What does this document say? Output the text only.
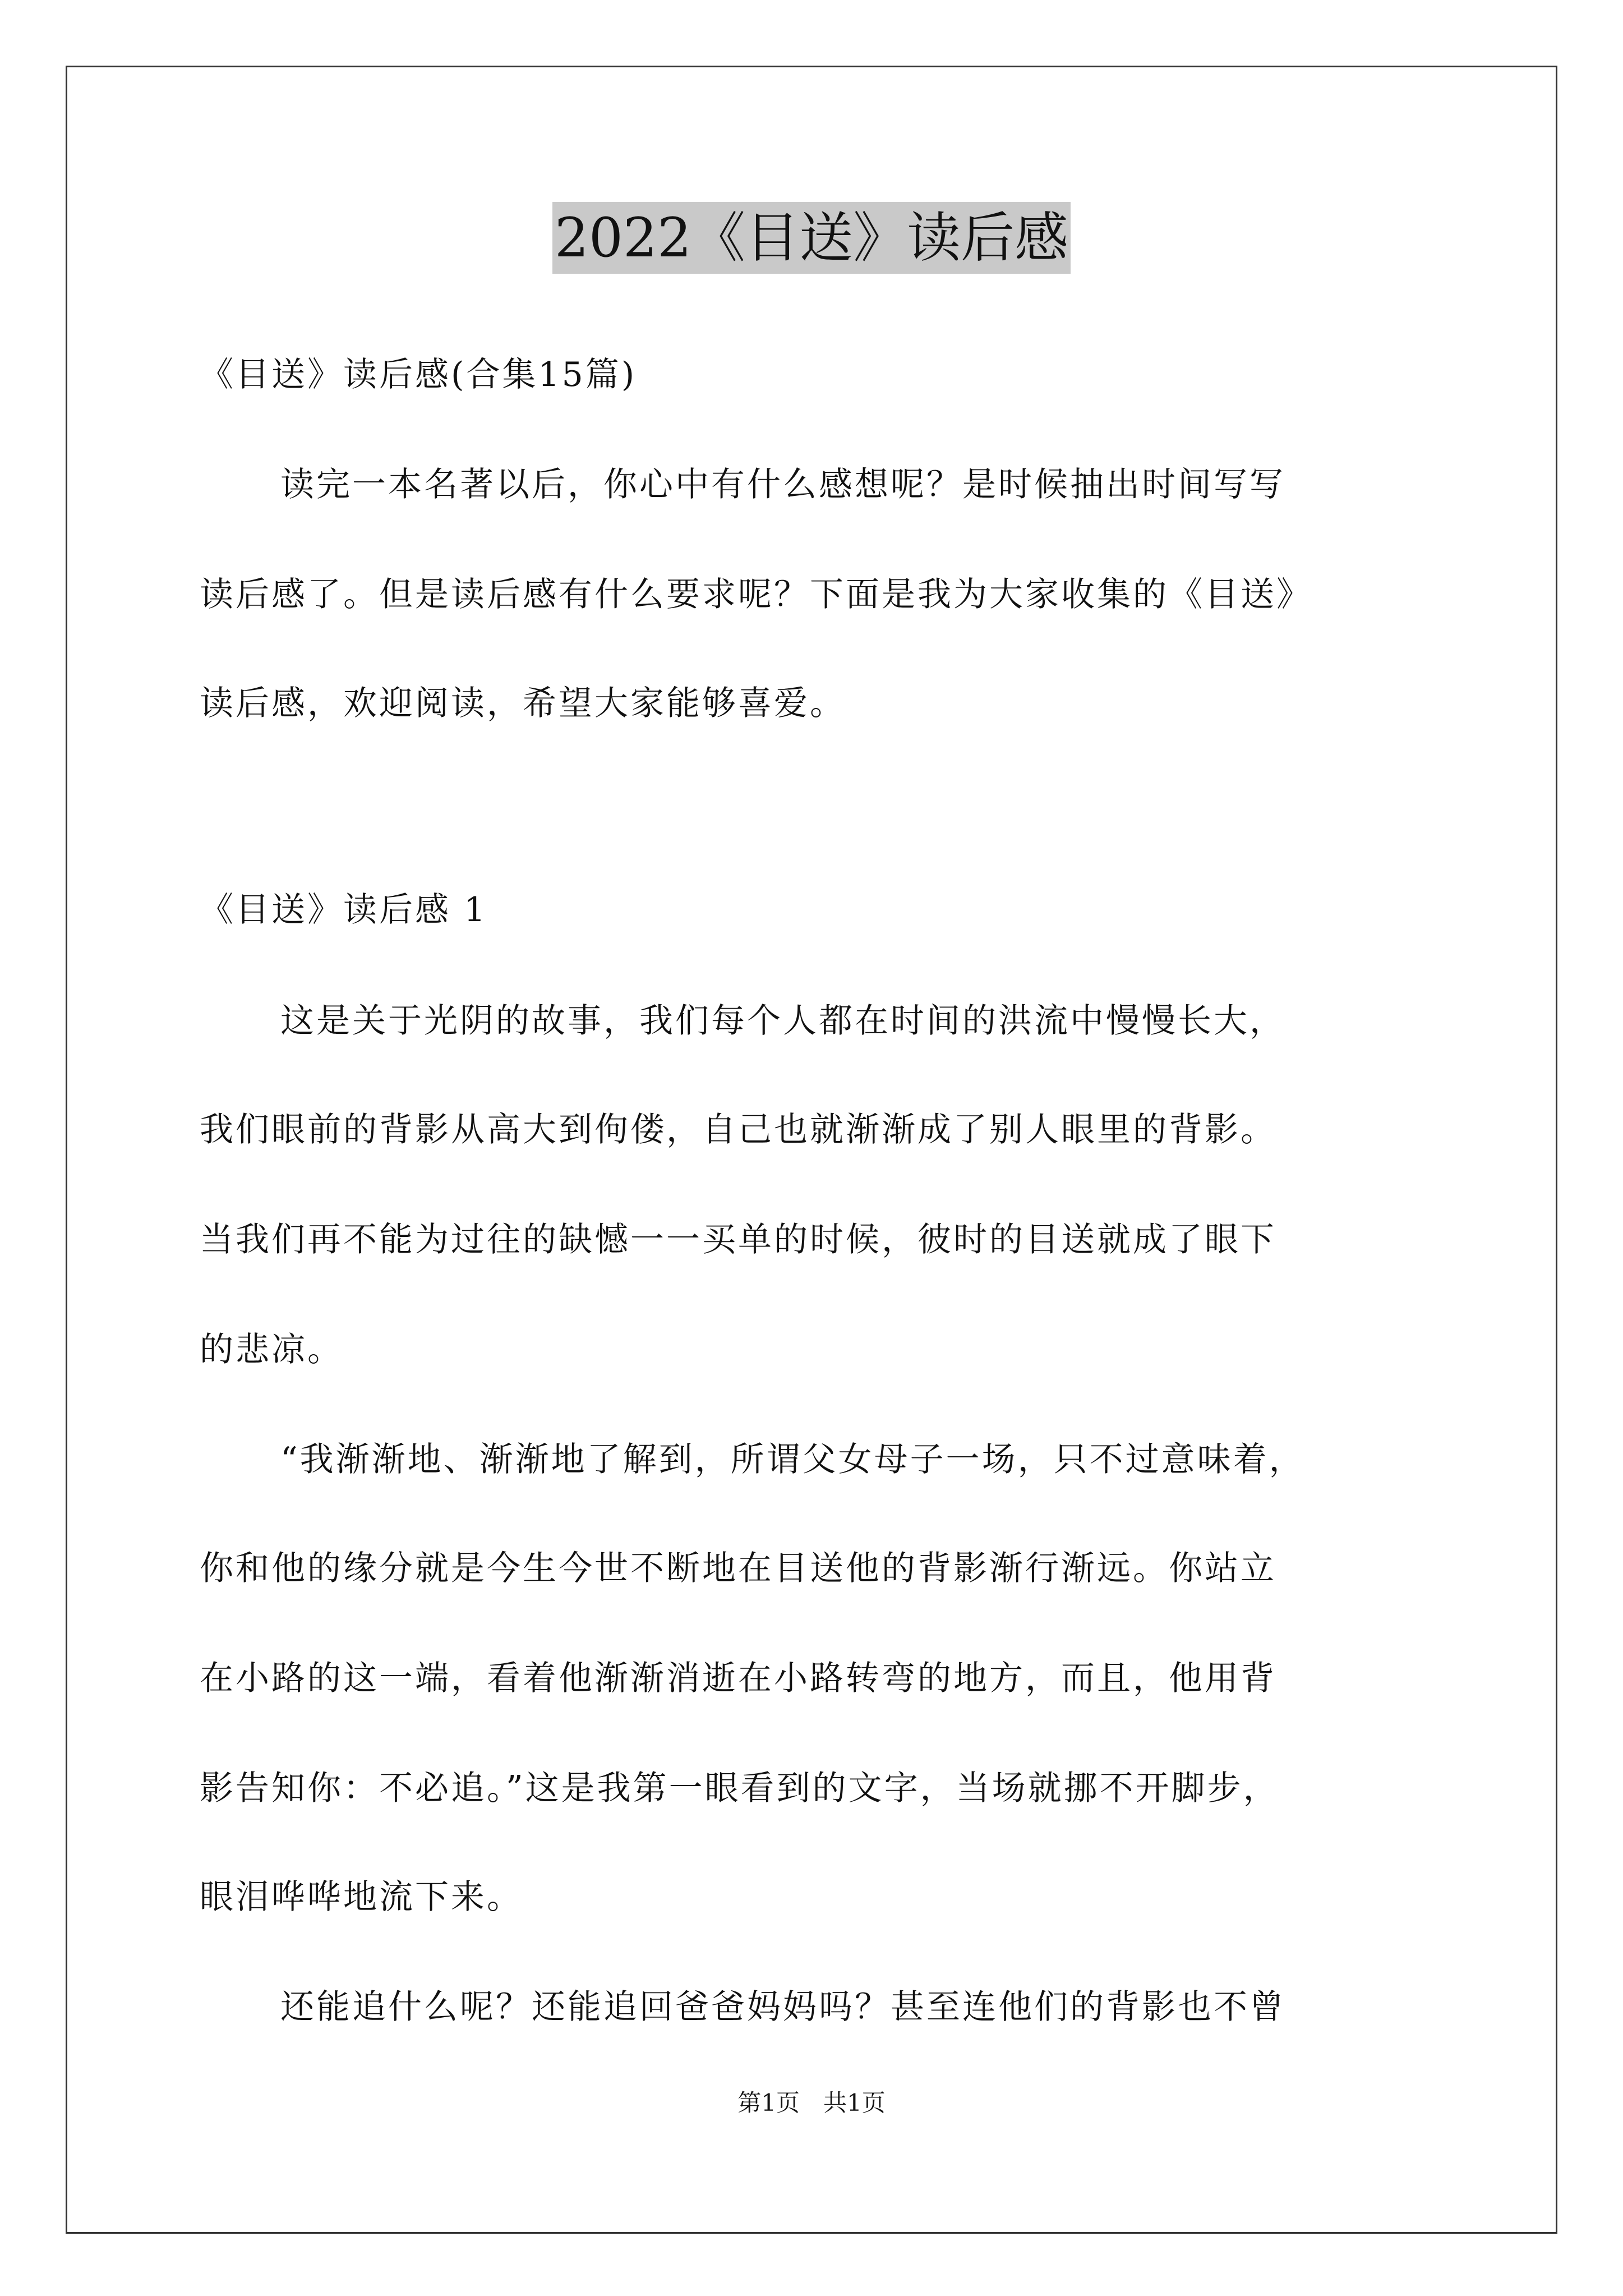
2022《目送》读后感
《目送》读后感(合集15篇)
读完一本名著以后，你心中有什么感想呢？是时候抽出时间写写
读后感了。但是读后感有什么要求呢？下面是我为大家收集的《目送》
读后感，欢迎阅读，希望大家能够喜爱。
《目送》读后感 1
这是关于光阴的故事，我们每个人都在时间的洪流中慢慢长大，
我们眼前的背影从高大到佝偻，自己也就渐渐成了别人眼里的背影。
当我们再不能为过往的缺憾一一买单的时候，彼时的目送就成了眼下
的悲凉。
“我渐渐地、渐渐地了解到，所谓父女母子一场，只不过意味着，
你和他的缘分就是今生今世不断地在目送他的背影渐行渐远。你站立
在小路的这一端，看着他渐渐消逝在小路转弯的地方，而且，他用背
影告知你：不必追。”这是我第一眼看到的文字，当场就挪不开脚步，
眼泪哗哗地流下来。
还能追什么呢？还能追回爸爸妈妈吗？甚至连他们的背影也不曾
第1页　共1页
